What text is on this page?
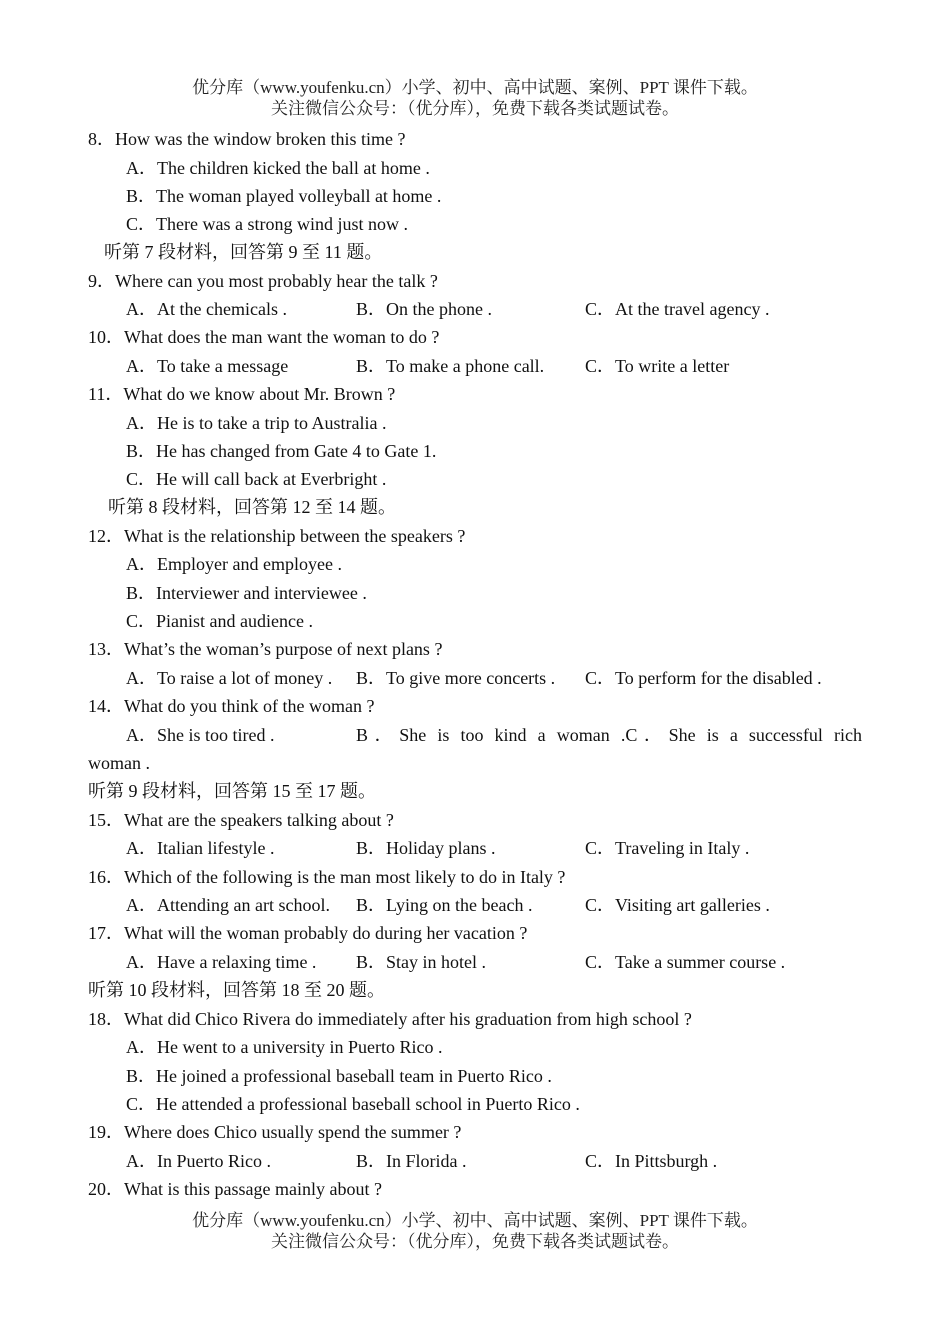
优分库（www.youfenku.cn）小学、初中、高中试题、案例、PPT 课件下载。
关注微信公众号：（优分库），免费下载各类试题试卷。
8．How was the window broken this time ?
A．The children kicked the ball at home .
B．The woman played volleyball at home .
C．There was a strong wind just now .
听第 7 段材料，回答第 9 至 11 题。
9．Where can you most probably hear the talk ?
A．At the chemicals .	B．On the phone .	C．At the travel agency .
10．What does the man want the woman to do ?
A．To take a message	B．To make a phone call. C．To write a letter
11．What do we know about Mr. Brown ?
A．He is to take a trip to Australia .
B．He has changed from Gate 4 to Gate 1.
C．He will call back at Everbright .
听第 8 段材料，回答第 12 至 14 题。
12．What is the relationship between the speakers ?
A．Employer and employee .
B．Interviewer and interviewee .
C．Pianist and audience .
13．What’s the woman’s purpose of next plans ?
A．To raise a lot of money . B．To give more concerts . C．To perform for the disabled .
14．What do you think of the woman ?
A．She is too tired .	B．She is too kind a woman .C．She is a successful rich
woman .
听第 9 段材料，回答第 15 至 17 题。
15．What are the speakers talking about ?
A．Italian lifestyle .	B．Holiday plans .	C．Traveling in Italy .
16．Which of the following is the man most likely to do in Italy ?
A．Attending an art school. B．Lying on the beach .	C．Visiting art galleries .
17．What will the woman probably do during her vacation ?
A．Have a relaxing time . B．Stay in hotel .	C．Take a summer course .
听第 10 段材料，回答第 18 至 20 题。
18．What did Chico Rivera do immediately after his graduation from high school ?
A．He went to a university in Puerto Rico .
B．He joined a professional baseball team in Puerto Rico .
C．He attended a professional baseball school in Puerto Rico .
19．Where does Chico usually spend the summer ?
A．In Puerto Rico .	B．In Florida .	C．In Pittsburgh .
20．What is this passage mainly about ?
优分库（www.youfenku.cn）小学、初中、高中试题、案例、PPT 课件下载。
关注微信公众号：（优分库），免费下载各类试题试卷。
